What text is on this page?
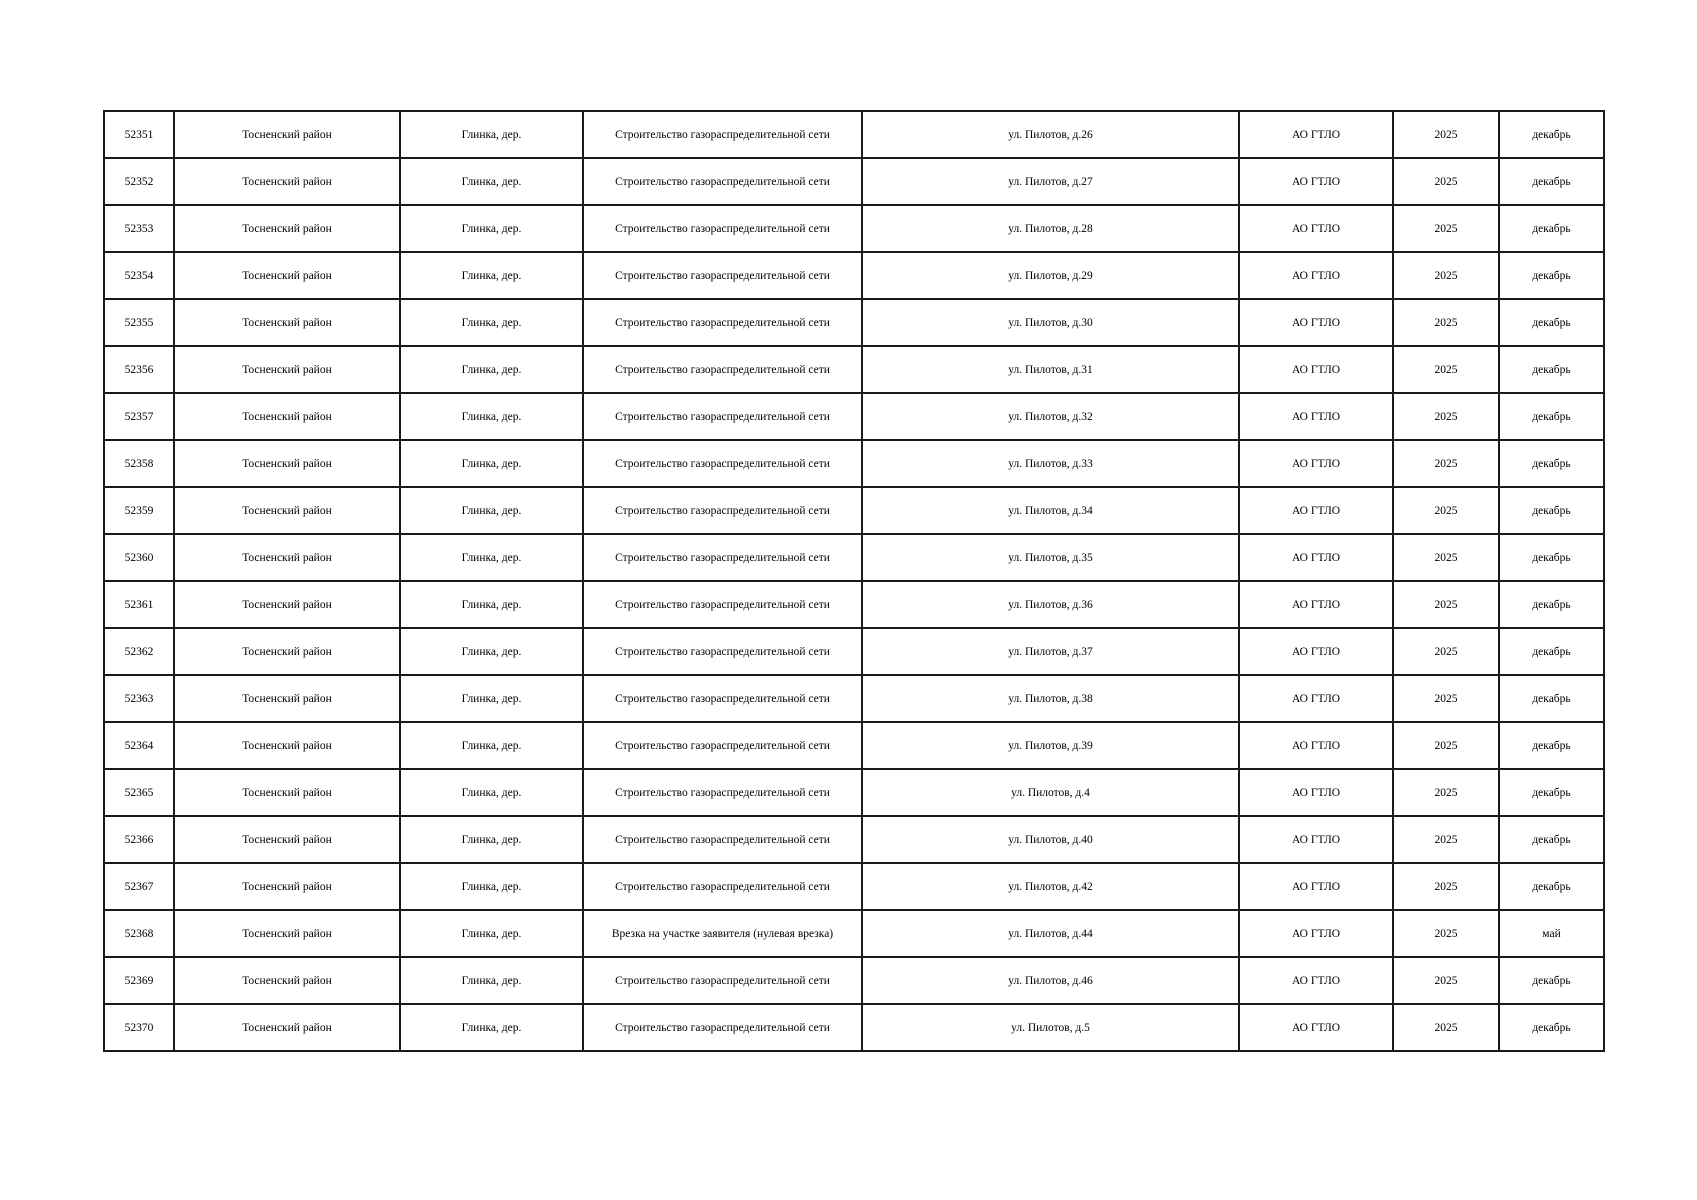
52351	Тосненский район	Глинка, дер.	Строительство газораспределительной сети	ул. Пилотов, д.26	АО ГТЛО	2025	декабрь
52352	Тосненский район	Глинка, дер.	Строительство газораспределительной сети	ул. Пилотов, д.27	АО ГТЛО	2025	декабрь
52353	Тосненский район	Глинка, дер.	Строительство газораспределительной сети	ул. Пилотов, д.28	АО ГТЛО	2025	декабрь
52354	Тосненский район	Глинка, дер.	Строительство газораспределительной сети	ул. Пилотов, д.29	АО ГТЛО	2025	декабрь
52355	Тосненский район	Глинка, дер.	Строительство газораспределительной сети	ул. Пилотов, д.30	АО ГТЛО	2025	декабрь
52356	Тосненский район	Глинка, дер.	Строительство газораспределительной сети	ул. Пилотов, д.31	АО ГТЛО	2025	декабрь
52357	Тосненский район	Глинка, дер.	Строительство газораспределительной сети	ул. Пилотов, д.32	АО ГТЛО	2025	декабрь
52358	Тосненский район	Глинка, дер.	Строительство газораспределительной сети	ул. Пилотов, д.33	АО ГТЛО	2025	декабрь
52359	Тосненский район	Глинка, дер.	Строительство газораспределительной сети	ул. Пилотов, д.34	АО ГТЛО	2025	декабрь
52360	Тосненский район	Глинка, дер.	Строительство газораспределительной сети	ул. Пилотов, д.35	АО ГТЛО	2025	декабрь
52361	Тосненский район	Глинка, дер.	Строительство газораспределительной сети	ул. Пилотов, д.36	АО ГТЛО	2025	декабрь
52362	Тосненский район	Глинка, дер.	Строительство газораспределительной сети	ул. Пилотов, д.37	АО ГТЛО	2025	декабрь
52363	Тосненский район	Глинка, дер.	Строительство газораспределительной сети	ул. Пилотов, д.38	АО ГТЛО	2025	декабрь
52364	Тосненский район	Глинка, дер.	Строительство газораспределительной сети	ул. Пилотов, д.39	АО ГТЛО	2025	декабрь
52365	Тосненский район	Глинка, дер.	Строительство газораспределительной сети	ул. Пилотов, д.4	АО ГТЛО	2025	декабрь
52366	Тосненский район	Глинка, дер.	Строительство газораспределительной сети	ул. Пилотов, д.40	АО ГТЛО	2025	декабрь
52367	Тосненский район	Глинка, дер.	Строительство газораспределительной сети	ул. Пилотов, д.42	АО ГТЛО	2025	декабрь
52368	Тосненский район	Глинка, дер.	Врезка на участке заявителя (нулевая врезка)	ул. Пилотов, д.44	АО ГТЛО	2025	май
52369	Тосненский район	Глинка, дер.	Строительство газораспределительной сети	ул. Пилотов, д.46	АО ГТЛО	2025	декабрь
52370	Тосненский район	Глинка, дер.	Строительство газораспределительной сети	ул. Пилотов, д.5	АО ГТЛО	2025	декабрь
